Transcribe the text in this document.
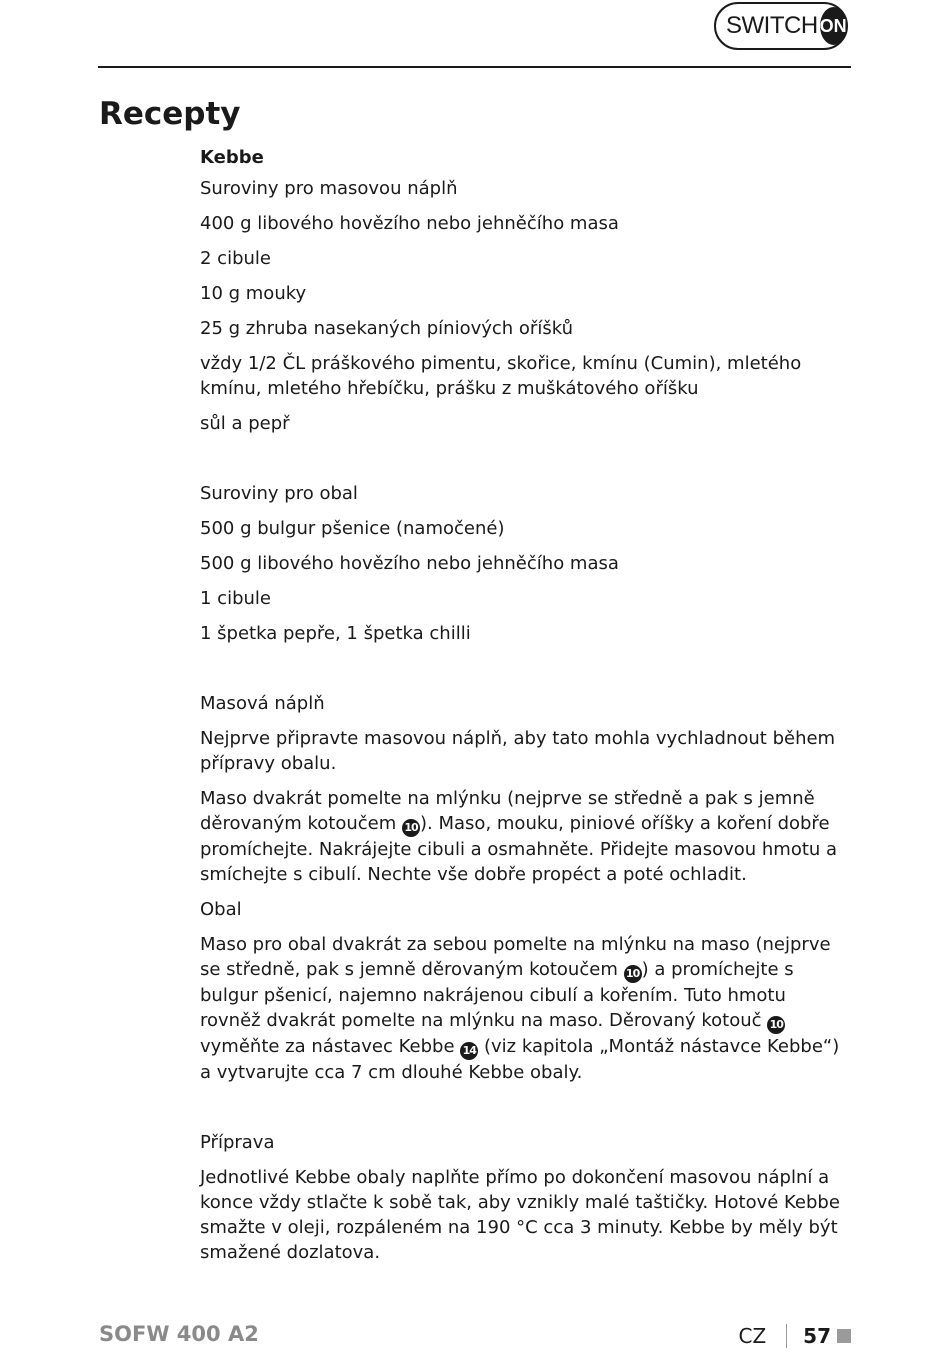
SWITCH ON
Recepty

Kebbe

Suroviny pro masovou náplň

400 g libového hovězího nebo jehněčího masa

2 cibule

10 g mouky

25 g zhruba nasekaných píniových oříšků

vždy 1/2 ČL práškového pimentu, skořice, kmínu (Cumin), mletého kmínu, mletého hřebíčku, prášku z muškátového oříšku

sůl a pepř

Suroviny pro obal

500 g bulgur pšenice (namočené)

500 g libového hovězího nebo jehněčího masa

1 cibule

1 špetka pepře, 1 špetka chilli

Masová náplň

Nejprve připravte masovou náplň, aby tato mohla vychladnout během přípravy obalu.

Maso dvakrát pomelte na mlýnku (nejprve se středně a pak s jemně děrovaným kotoučem 10 ). Maso, mouku, piniové oříšky a koření dobře promíchejte. Nakrájejte cibuli a osmahněte. Přidejte masovou hmotu a smíchejte s cibulí. Nechte vše dobře propéct a poté ochladit.

Obal

Maso pro obal dvakrát za sebou pomelte na mlýnku na maso (nejprve se středně, pak s jemně děrovaným kotoučem 10 ) a promíchejte s bulgur pšenicí, najemno nakrájenou cibulí a kořením. Tuto hmotu rovněž dvakrát pomelte na mlýnku na maso. Děrovaný kotouč 10 vyměňte za nástavec Kebbe 14 (viz kapitola „Montáž nástavce Kebbe“) a vytvarujte cca 7 cm dlouhé Kebbe obaly.

Příprava

Jednotlivé Kebbe obaly naplňte přímo po dokončení masovou náplní a konce vždy stlačte k sobě tak, aby vznikly malé taštičky. Hotové Kebbe smažte v oleji, rozpáleném na 190 °C cca 3 minuty. Kebbe by měly být smažené dozlatova.

SOFW 400 A2	CZ 57
